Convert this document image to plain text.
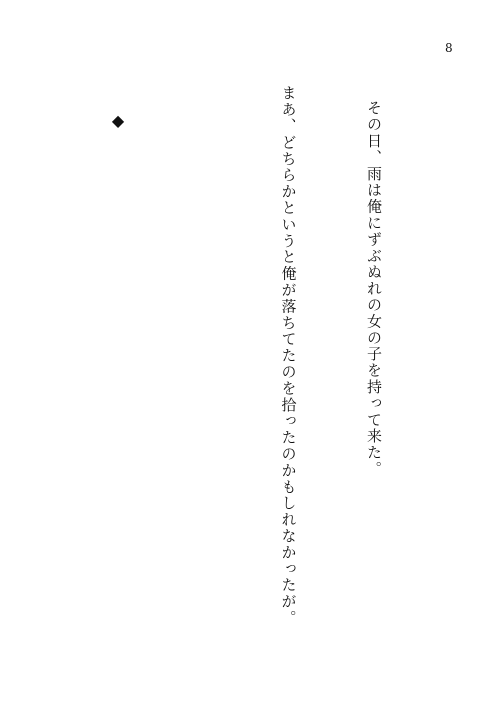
8

その日、雨は俺にずぶぬれの女の子を持って来た。

まあ、どちらかというと俺が落ちてたのを拾ったのかもしれなかったが。

◆
